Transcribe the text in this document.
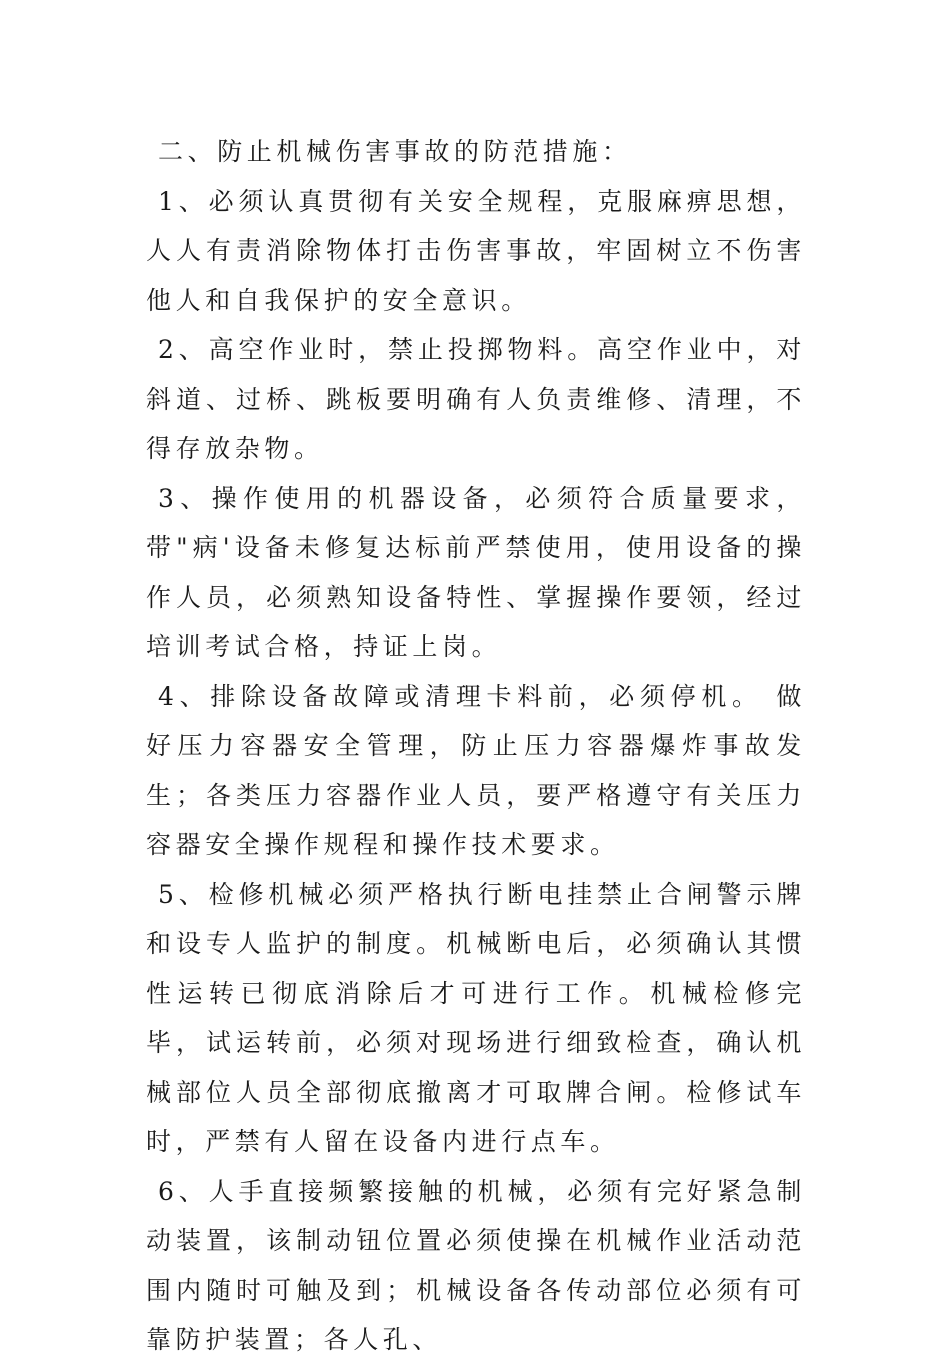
二、防止机械伤害事故的防范措施：

1、必须认真贯彻有关安全规程，克服麻痹思想，人人有责消除物体打击伤害事故，牢固树立不伤害他人和自我保护的安全意识。

2、高空作业时，禁止投掷物料。高空作业中，对斜道、过桥、跳板要明确有人负责维修、清理，不得存放杂物。

3、操作使用的机器设备，必须符合质量要求，带"病'设备未修复达标前严禁使用，使用设备的操作人员，必须熟知设备特性、掌握操作要领，经过培训考试合格，持证上岗。

4、排除设备故障或清理卡料前，必须停机。 做好压力容器安全管理，防止压力容器爆炸事故发生；各类压力容器作业人员，要严格遵守有关压力容器安全操作规程和操作技术要求。

5、检修机械必须严格执行断电挂禁止合闸警示牌和设专人监护的制度。机械断电后，必须确认其惯性运转已彻底消除后才可进行工作。机械检修完毕，试运转前，必须对现场进行细致检查，确认机械部位人员全部彻底撤离才可取牌合闸。检修试车时，严禁有人留在设备内进行点车。

6、人手直接频繁接触的机械，必须有完好紧急制动装置，该制动钮位置必须使操在机械作业活动范围内随时可触及到；机械设备各传动部位必须有可靠防护装置；各人孔、
